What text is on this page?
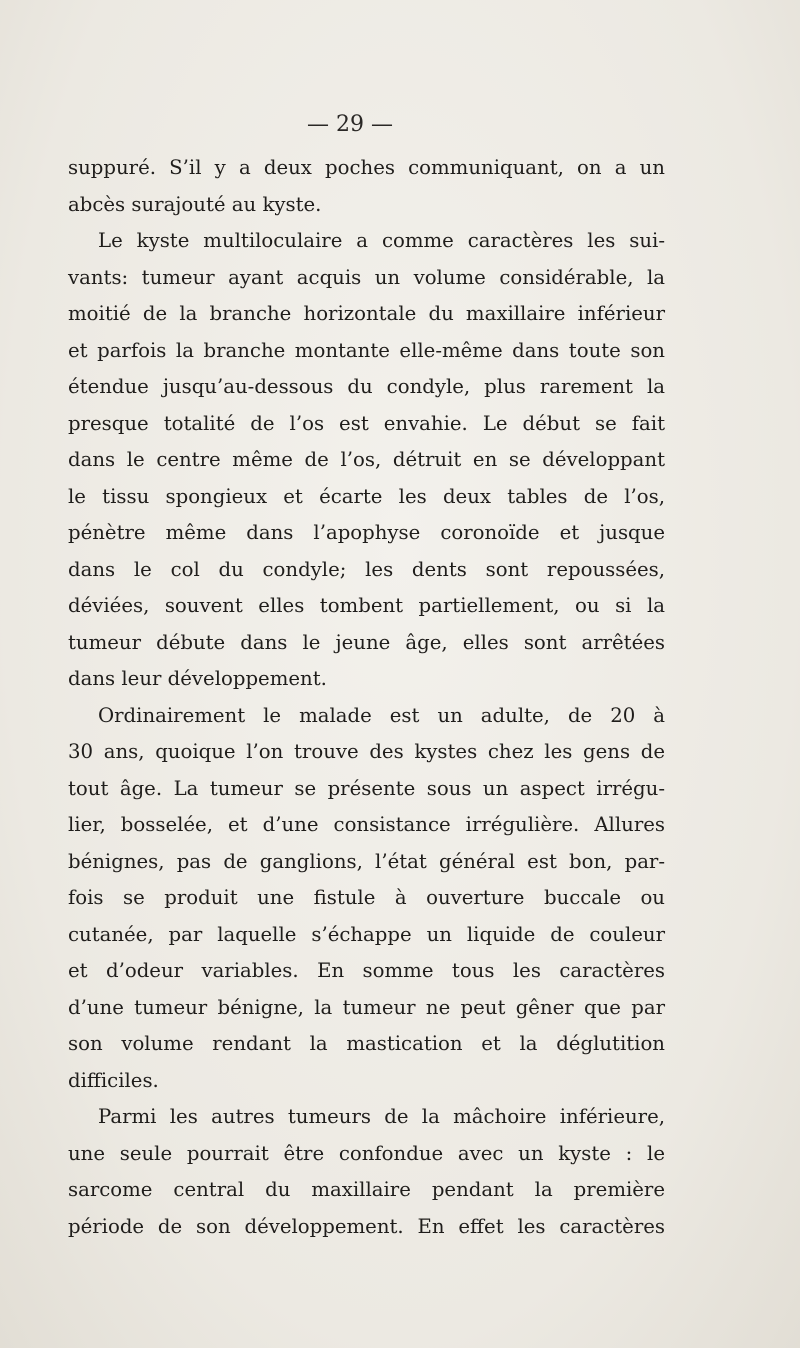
— 29 —
suppuré. S’il y a deux poches communiquant, on a un
abcès surajouté au kyste.
Le kyste multiloculaire a comme caractères les sui-
vants: tumeur ayant acquis un volume considérable, la
moitié de la branche horizontale du maxillaire inférieur
et parfois la branche montante elle-même dans toute son
étendue jusqu’au-dessous du condyle, plus rarement la
presque totalité de l’os est envahie. Le début se fait
dans le centre même de l’os, détruit en se développant
le tissu spongieux et écarte les deux tables de l’os,
pénètre même dans l’apophyse coronoïde et jusque
dans le col du condyle; les dents sont repoussées,
déviées, souvent elles tombent partiellement, ou si la
tumeur débute dans le jeune âge, elles sont arrêtées
dans leur développement.
Ordinairement le malade est un adulte, de 20 à
30 ans, quoique l’on trouve des kystes chez les gens de
tout âge. La tumeur se présente sous un aspect irrégu-
lier, bosselée, et d’une consistance irrégulière. Allures
bénignes, pas de ganglions, l’état général est bon, par-
fois se produit une fistule à ouverture buccale ou
cutanée, par laquelle s’échappe un liquide de couleur
et d’odeur variables. En somme tous les caractères
d’une tumeur bénigne, la tumeur ne peut gêner que par
son volume rendant la mastication et la déglutition
difficiles.
Parmi les autres tumeurs de la mâchoire inférieure,
une seule pourrait être confondue avec un kyste : le
sarcome central du maxillaire pendant la première
période de son développement. En effet les caractères
